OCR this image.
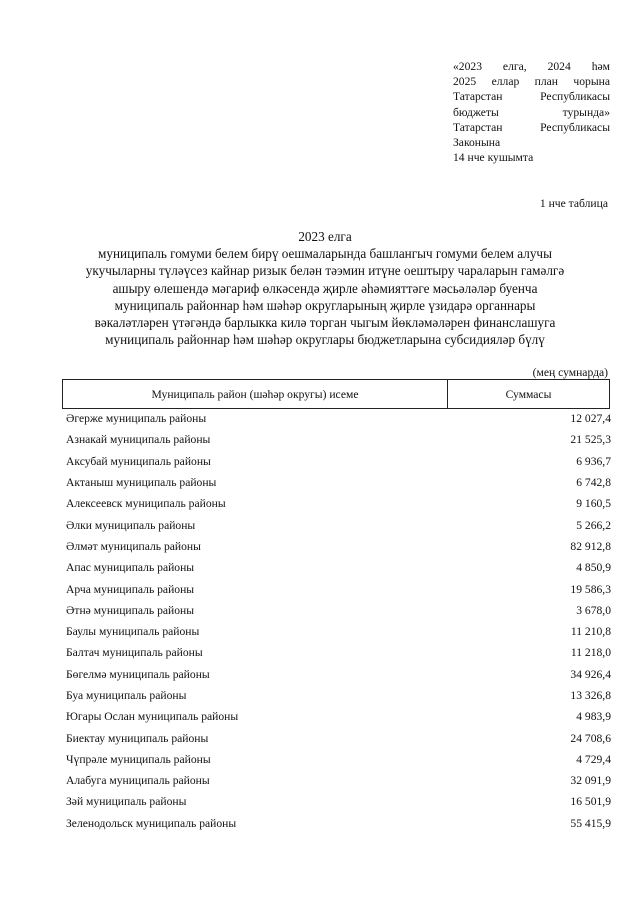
«2023 елга, 2024 һәм
2025 еллар план чорына
Татарстан Республикасы
бюджеты турында»
Татарстан Республикасы
Законына
14 нче кушымта
1 нче таблица
2023 елга
муниципаль гомуми белем бирү оешмаларында башлангыч гомуми белем алучы
укучыларны түләүсез кайнар ризык белән тәэмин итүне оештыру чараларын гамәлгә
ашыру өлешендә мәгариф өлкәсендә җирле әһәмияттәге мәсьәләләр буенча
муниципаль районнар һәм шәһәр округларының җирле үзидарә органнары
вәкаләтләрен үтәгәндә барлыкка килә торган чыгым йөкләмәләрен финанслашуга
муниципаль районнар һәм шәһәр округлары бюджетларына субсидияләр бүлү
(мең сумнарда)
Муниципаль район (шәһәр округы) исеме	Суммасы
Әгерже муниципаль районы	12 027,4
Азнакай муниципаль районы	21 525,3
Аксубай муниципаль районы	6 936,7
Актаныш муниципаль районы	6 742,8
Алексеевск муниципаль районы	9 160,5
Әлки муниципаль районы	5 266,2
Әлмәт муниципаль районы	82 912,8
Апас муниципаль районы	4 850,9
Арча муниципаль районы	19 586,3
Әтнә муниципаль районы	3 678,0
Баулы муниципаль районы	11 210,8
Балтач муниципаль районы	11 218,0
Бөгелмә муниципаль районы	34 926,4
Буа муниципаль районы	13 326,8
Югары Ослан муниципаль районы	4 983,9
Биектау муниципаль районы	24 708,6
Чүпрәле муниципаль районы	4 729,4
Алабуга муниципаль районы	32 091,9
Зәй муниципаль районы	16 501,9
Зеленодольск муниципаль районы	55 415,9
